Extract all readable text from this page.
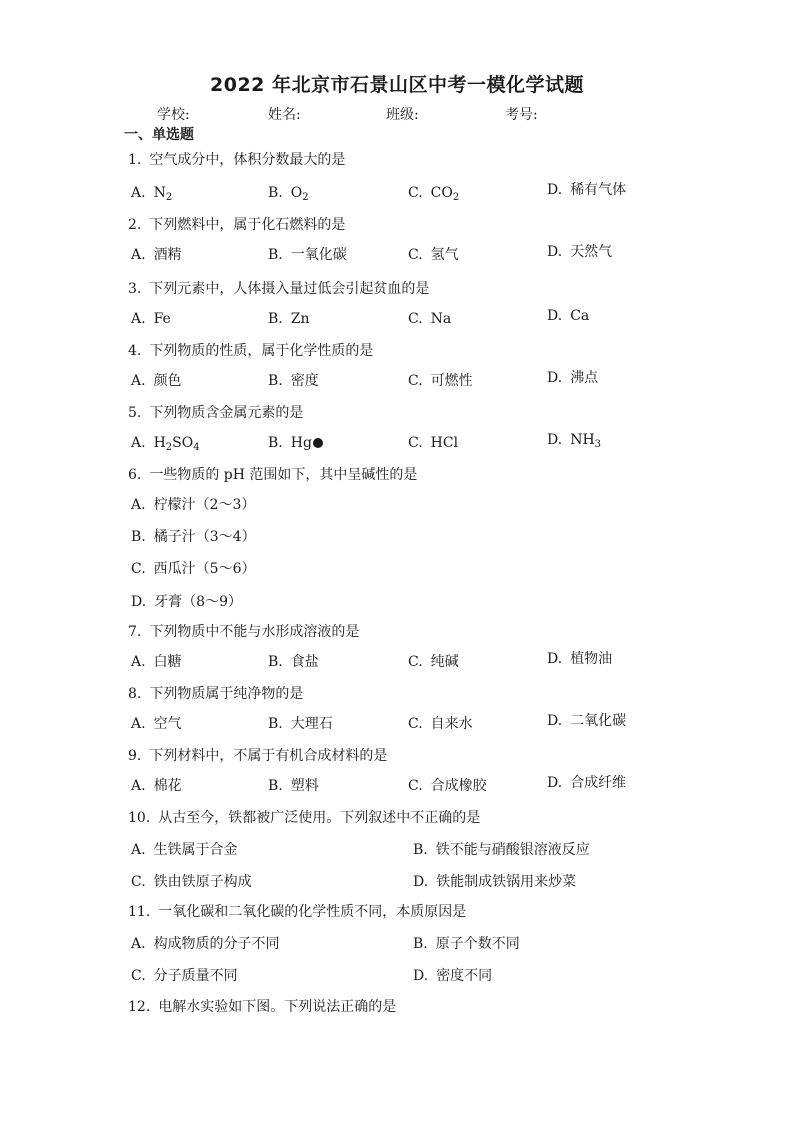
2022 年北京市石景山区中考一模化学试题
学校:	姓名:	班级:	考号:
一、单选题
1. 空气成分中，体积分数最大的是
A. $N_2$	B. $O_2$	C. $CO_2$	D. 稀有气体
2. 下列燃料中，属于化石燃料的是
A. 酒精	B. 一氧化碳	C. 氢气	D. 天然气
3. 下列元素中，人体摄入量过低会引起贫血的是
A. Fe	B. Zn	C. Na	D. Ca
4. 下列物质的性质，属于化学性质的是
A. 颜色	B. 密度	C. 可燃性	D. 沸点
5. 下列物质含金属元素的是
A. $H_2SO_4$	B. Hg	C. HCl	D. $NH_3$
6. 一些物质的 pH 范围如下，其中呈碱性的是
A. 柠檬汁（2～3）
B. 橘子汁（3～4）
C. 西瓜汁（5～6）
D. 牙膏（8～9）
7. 下列物质中不能与水形成溶液的是
A. 白糖	B. 食盐	C. 纯碱	D. 植物油
8. 下列物质属于纯净物的是
A. 空气	B. 大理石	C. 自来水	D. 二氧化碳
9. 下列材料中，不属于有机合成材料的是
A. 棉花	B. 塑料	C. 合成橡胶	D. 合成纤维
10. 从古至今，铁都被广泛使用。下列叙述中不正确的是
A. 生铁属于合金	B. 铁不能与硝酸银溶液反应
C. 铁由铁原子构成	D. 铁能制成铁锅用来炒菜
11. 一氧化碳和二氧化碳的化学性质不同，本质原因是
A. 构成物质的分子不同	B. 原子个数不同
C. 分子质量不同	D. 密度不同
12. 电解水实验如下图。下列说法正确的是
